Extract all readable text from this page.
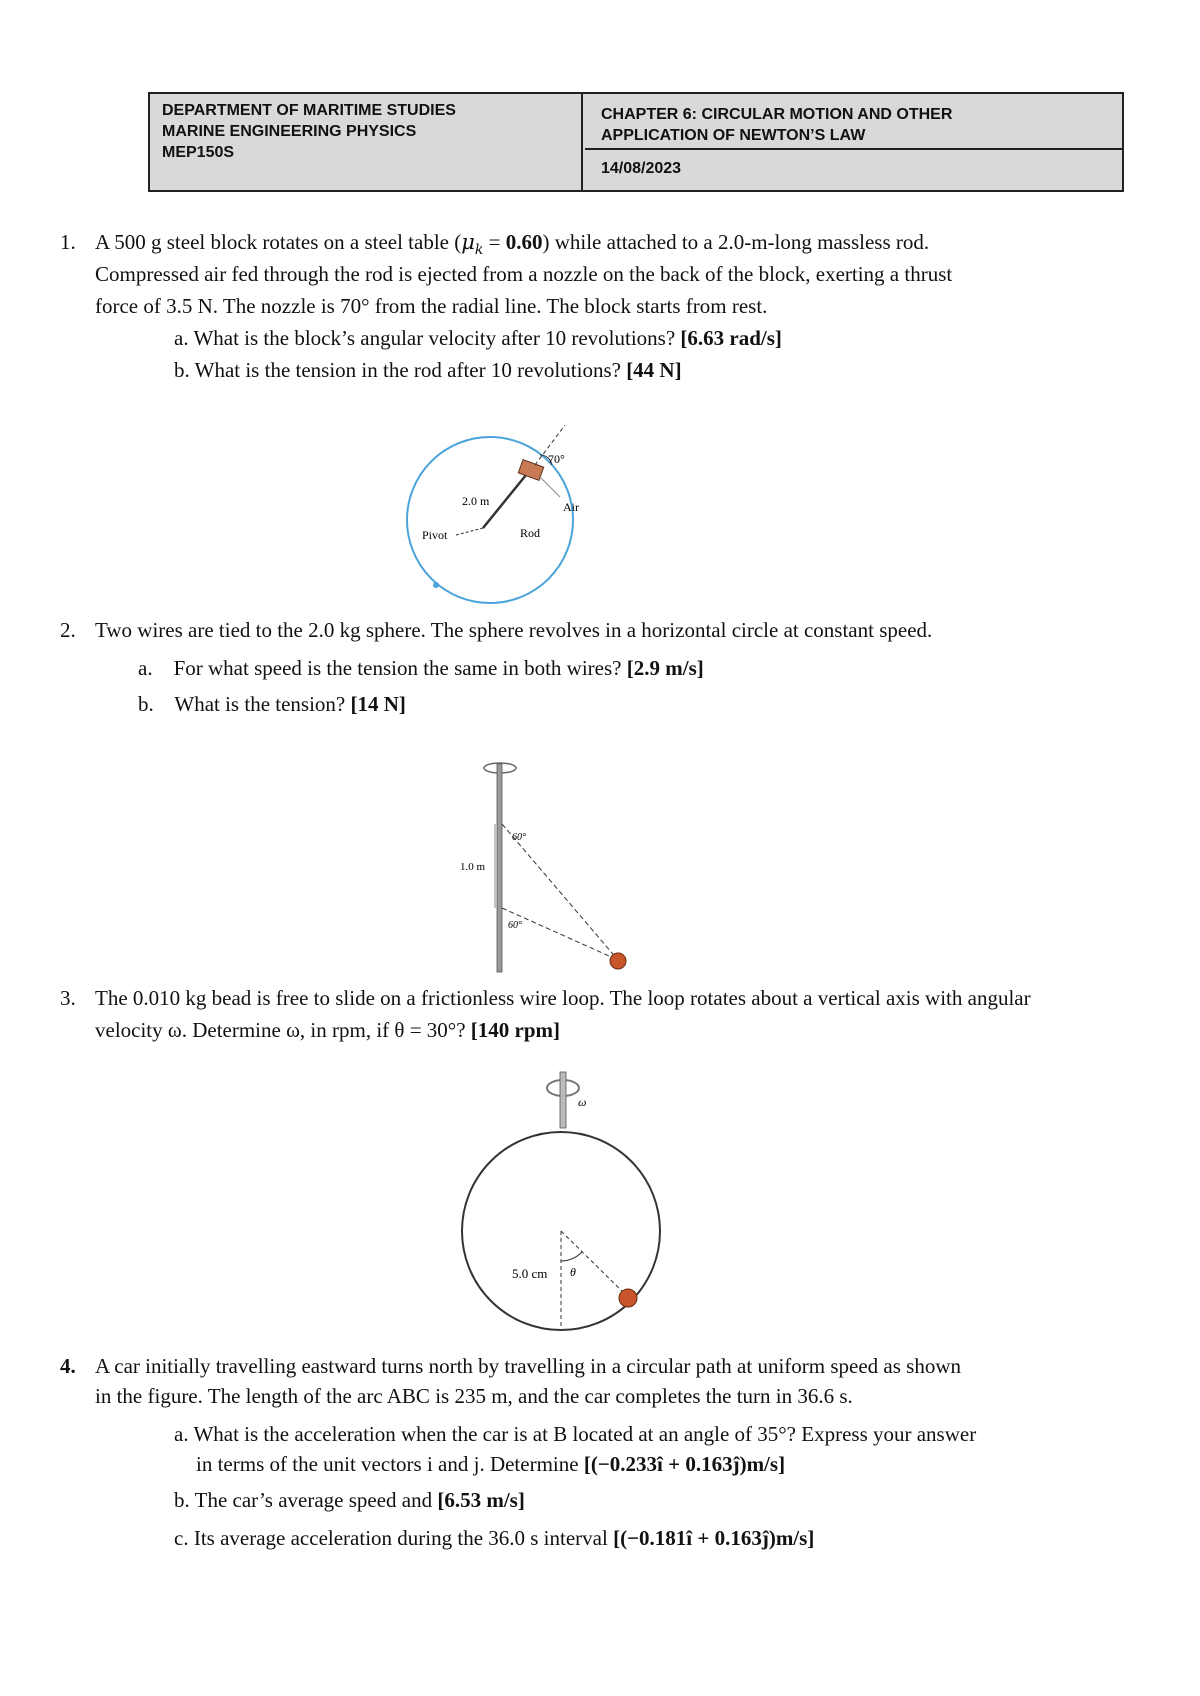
DEPARTMENT OF MARITIME STUDIES
MARINE ENGINEERING PHYSICS
MEP150S
CHAPTER 6: CIRCULAR MOTION AND OTHER
APPLICATION OF NEWTON’S LAW
14/08/2023
1. A 500 g steel block rotates on a steel table $(\mu_k = 0.60)$ while attached to a 2.0-m-long massless rod.
Compressed air fed through the rod is ejected from a nozzle on the back of the block, exerting a thrust
force of 3.5 N. The nozzle is 70° from the radial line. The block starts from rest.
a. What is the block’s angular velocity after 10 revolutions? [6.63 rad/s]
b. What is the tension in the rod after 10 revolutions? [44 N]
70°
2.0 m	Air
Rod
Pivot
2. Two wires are tied to the 2.0 kg sphere. The sphere revolves in a horizontal circle at constant speed.
a. For what speed is the tension the same in both wires? [2.9 m/s]
b. What is the tension? [14 N]
1.0 m
60°
60°
3. The 0.010 kg bead is free to slide on a frictionless wire loop. The loop rotates about a vertical axis with angular
velocity ω. Determine ω, in rpm, if θ = 30°? [140 rpm]
ω
θ
5.0 cm
4. A car initially travelling eastward turns north by travelling in a circular path at uniform speed as shown
in the figure. The length of the arc ABC is 235 m, and the car completes the turn in 36.6 s.
a. What is the acceleration when the car is at B located at an angle of 35°? Express your answer
in terms of the unit vectors i and j. Determine [(−0.233î + 0.163ĵ)m/s]
b. The car’s average speed and [6.53 m/s]
c. Its average acceleration during the 36.0 s interval [(−0.181î + 0.163ĵ)m/s]
